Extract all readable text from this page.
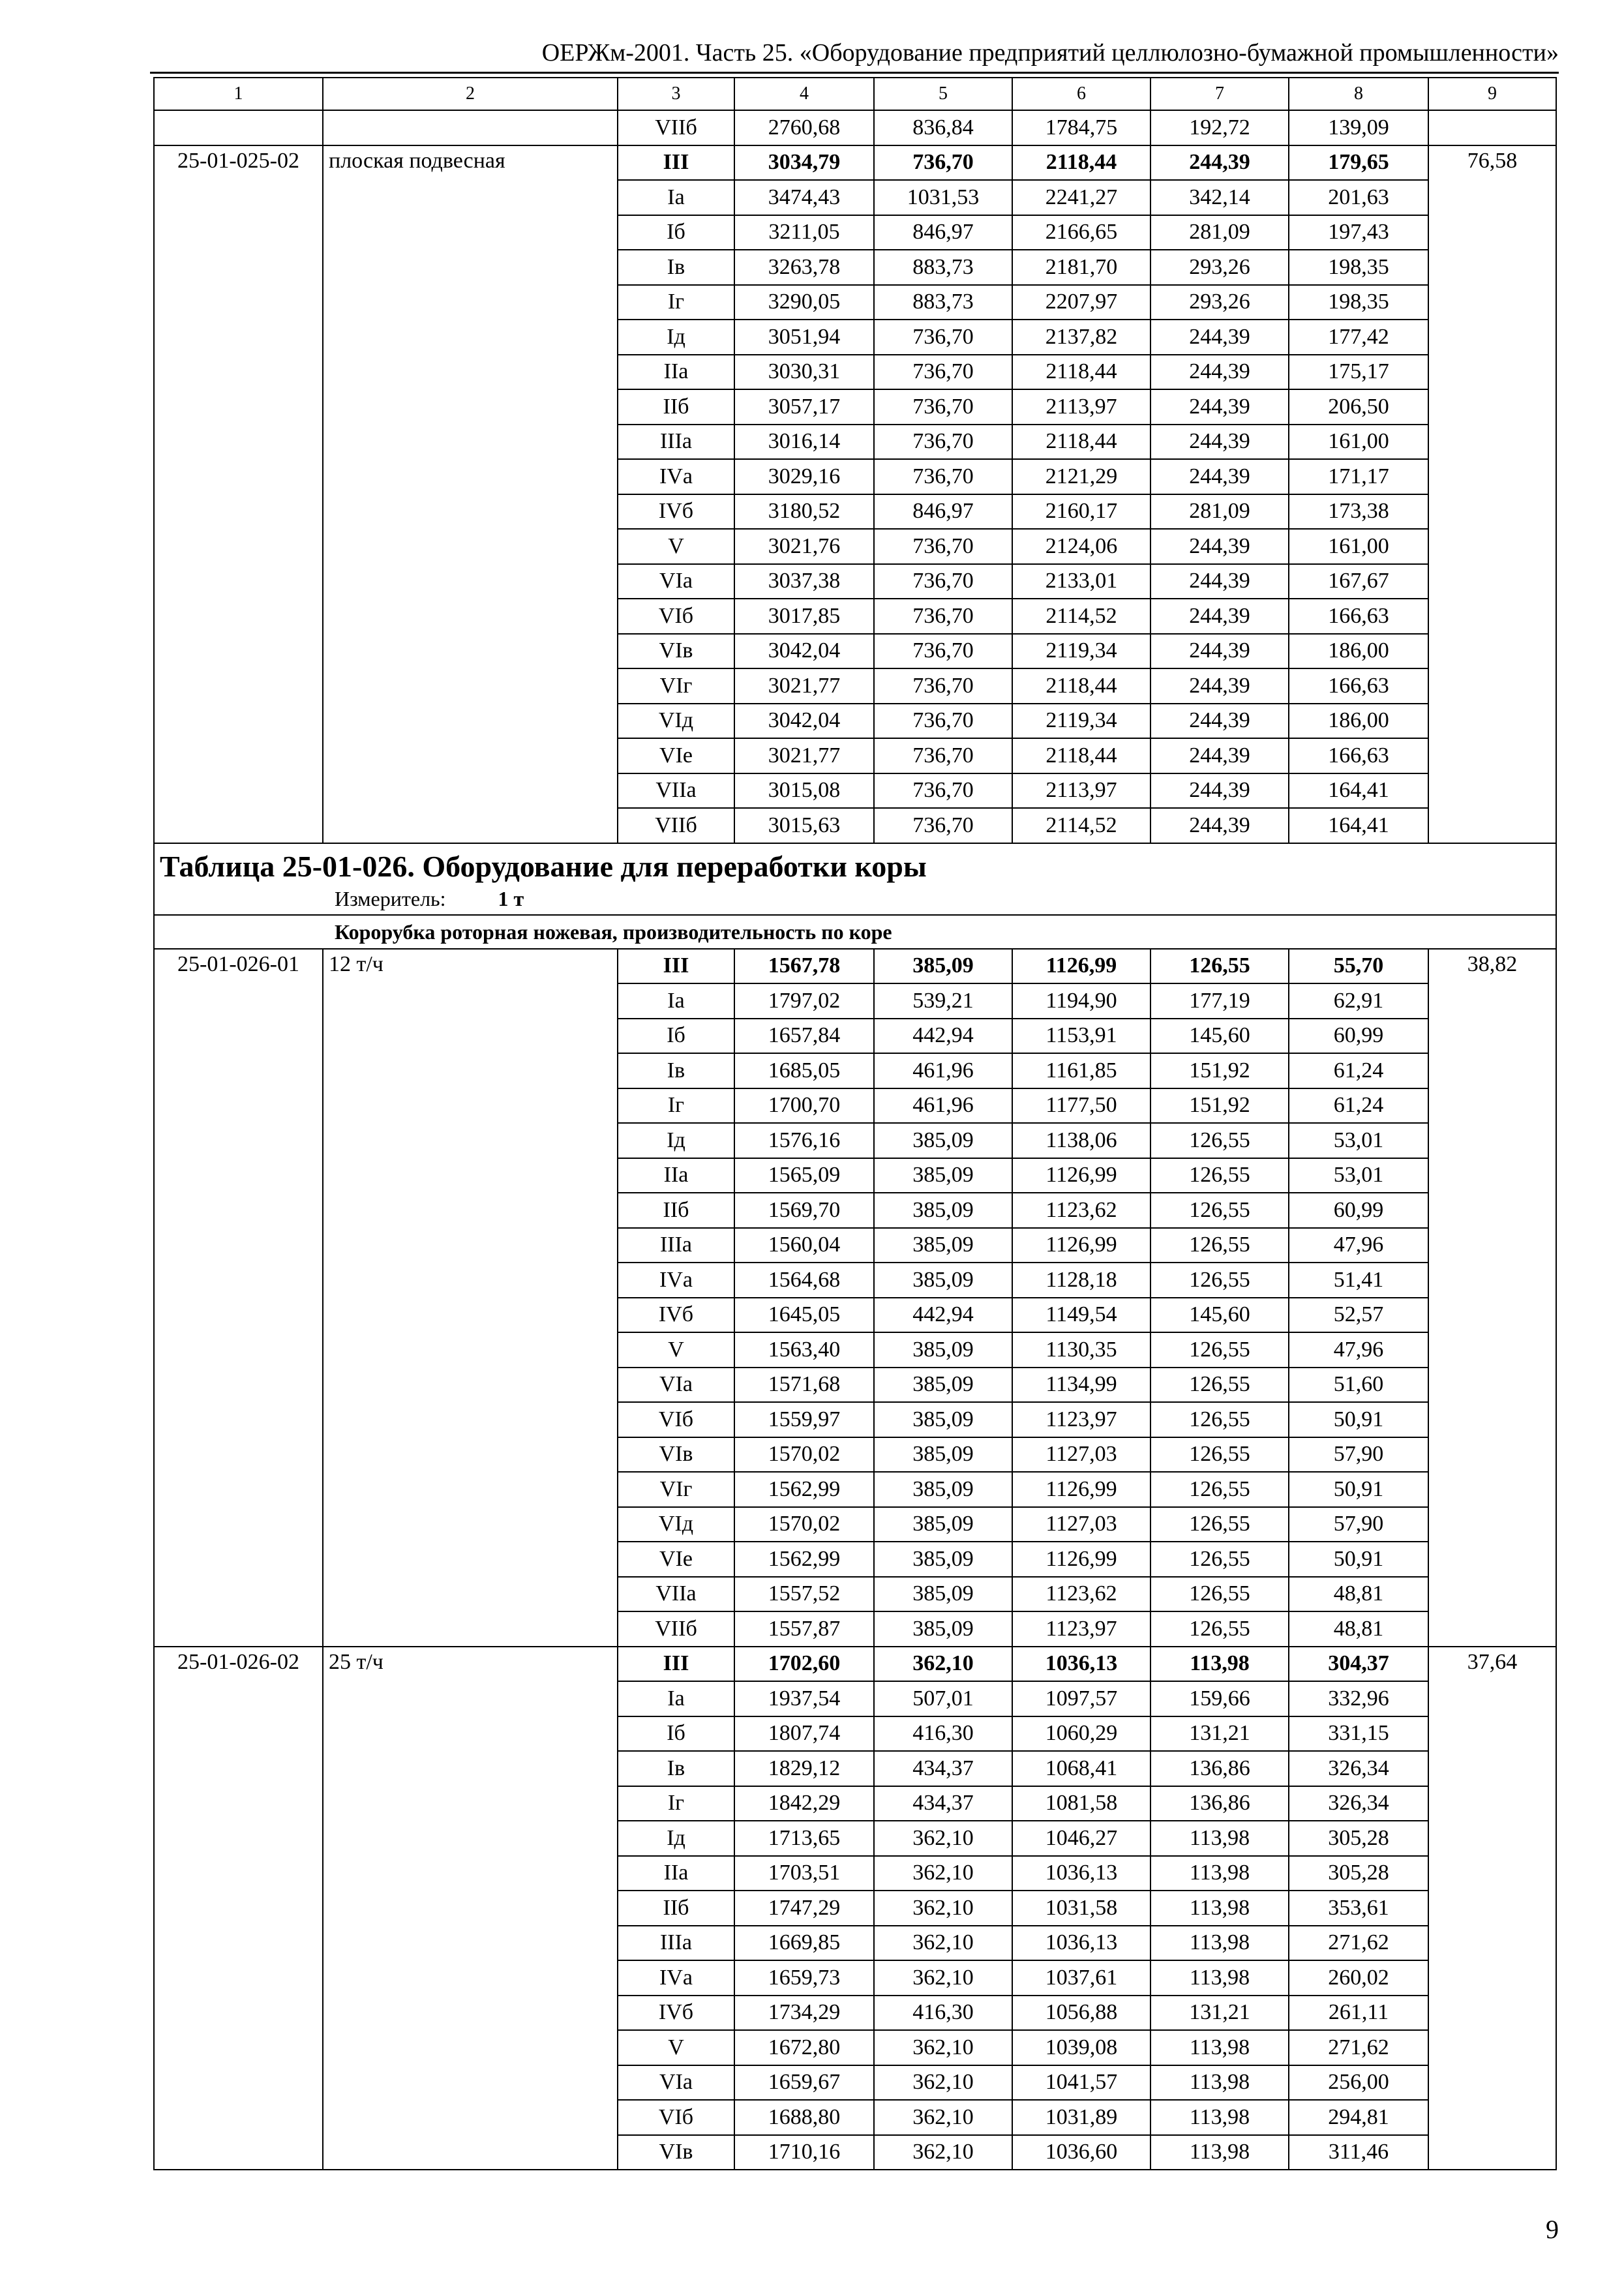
ОЕРЖм-2001. Часть 25. «Оборудование предприятий целлюлозно-бумажной промышленности»
1	2	3	4	5	6	7	8	9
		VIIб	2760,68	836,84	1784,75	192,72	139,09	
25-01-025-02	плоская подвесная	III	3034,79	736,70	2118,44	244,39	179,65	76,58
		Iа	3474,43	1031,53	2241,27	342,14	201,63	
		Iб	3211,05	846,97	2166,65	281,09	197,43	
		Iв	3263,78	883,73	2181,70	293,26	198,35	
		Iг	3290,05	883,73	2207,97	293,26	198,35	
		Iд	3051,94	736,70	2137,82	244,39	177,42	
		IIа	3030,31	736,70	2118,44	244,39	175,17	
		IIб	3057,17	736,70	2113,97	244,39	206,50	
		IIIа	3016,14	736,70	2118,44	244,39	161,00	
		IVа	3029,16	736,70	2121,29	244,39	171,17	
		IVб	3180,52	846,97	2160,17	281,09	173,38	
		V	3021,76	736,70	2124,06	244,39	161,00	
		VIа	3037,38	736,70	2133,01	244,39	167,67	
		VIб	3017,85	736,70	2114,52	244,39	166,63	
		VIв	3042,04	736,70	2119,34	244,39	186,00	
		VIг	3021,77	736,70	2118,44	244,39	166,63	
		VIд	3042,04	736,70	2119,34	244,39	186,00	
		VIе	3021,77	736,70	2118,44	244,39	166,63	
		VIIа	3015,08	736,70	2113,97	244,39	164,41	
		VIIб	3015,63	736,70	2114,52	244,39	164,41	

Таблица 25-01-026. Оборудование для переработки коры
Измеритель: 1 т								

Корорубка роторная ножевая, производительность по коре								
25-01-026-01	12 т/ч	III	1567,78	385,09	1126,99	126,55	55,70	38,82
		Iа	1797,02	539,21	1194,90	177,19	62,91	
		Iб	1657,84	442,94	1153,91	145,60	60,99	
		Iв	1685,05	461,96	1161,85	151,92	61,24	
		Iг	1700,70	461,96	1177,50	151,92	61,24	
		Iд	1576,16	385,09	1138,06	126,55	53,01	
		IIа	1565,09	385,09	1126,99	126,55	53,01	
		IIб	1569,70	385,09	1123,62	126,55	60,99	
		IIIа	1560,04	385,09	1126,99	126,55	47,96	
		IVа	1564,68	385,09	1128,18	126,55	51,41	
		IVб	1645,05	442,94	1149,54	145,60	52,57	
		V	1563,40	385,09	1130,35	126,55	47,96	
		VIа	1571,68	385,09	1134,99	126,55	51,60	
		VIб	1559,97	385,09	1123,97	126,55	50,91	
		VIв	1570,02	385,09	1127,03	126,55	57,90	
		VIг	1562,99	385,09	1126,99	126,55	50,91	
		VIд	1570,02	385,09	1127,03	126,55	57,90	
		VIе	1562,99	385,09	1126,99	126,55	50,91	
		VIIа	1557,52	385,09	1123,62	126,55	48,81	
		VIIб	1557,87	385,09	1123,97	126,55	48,81	
25-01-026-02	25 т/ч	III	1702,60	362,10	1036,13	113,98	304,37	37,64
		Iа	1937,54	507,01	1097,57	159,66	332,96	
		Iб	1807,74	416,30	1060,29	131,21	331,15	
		Iв	1829,12	434,37	1068,41	136,86	326,34	
		Iг	1842,29	434,37	1081,58	136,86	326,34	
		Iд	1713,65	362,10	1046,27	113,98	305,28	
		IIа	1703,51	362,10	1036,13	113,98	305,28	
		IIб	1747,29	362,10	1031,58	113,98	353,61	
		IIIа	1669,85	362,10	1036,13	113,98	271,62	
		IVа	1659,73	362,10	1037,61	113,98	260,02	
		IVб	1734,29	416,30	1056,88	131,21	261,11	
		V	1672,80	362,10	1039,08	113,98	271,62	
		VIа	1659,67	362,10	1041,57	113,98	256,00	
		VIб	1688,80	362,10	1031,89	113,98	294,81	
		VIв	1710,16	362,10	1036,60	113,98	311,46	
9
